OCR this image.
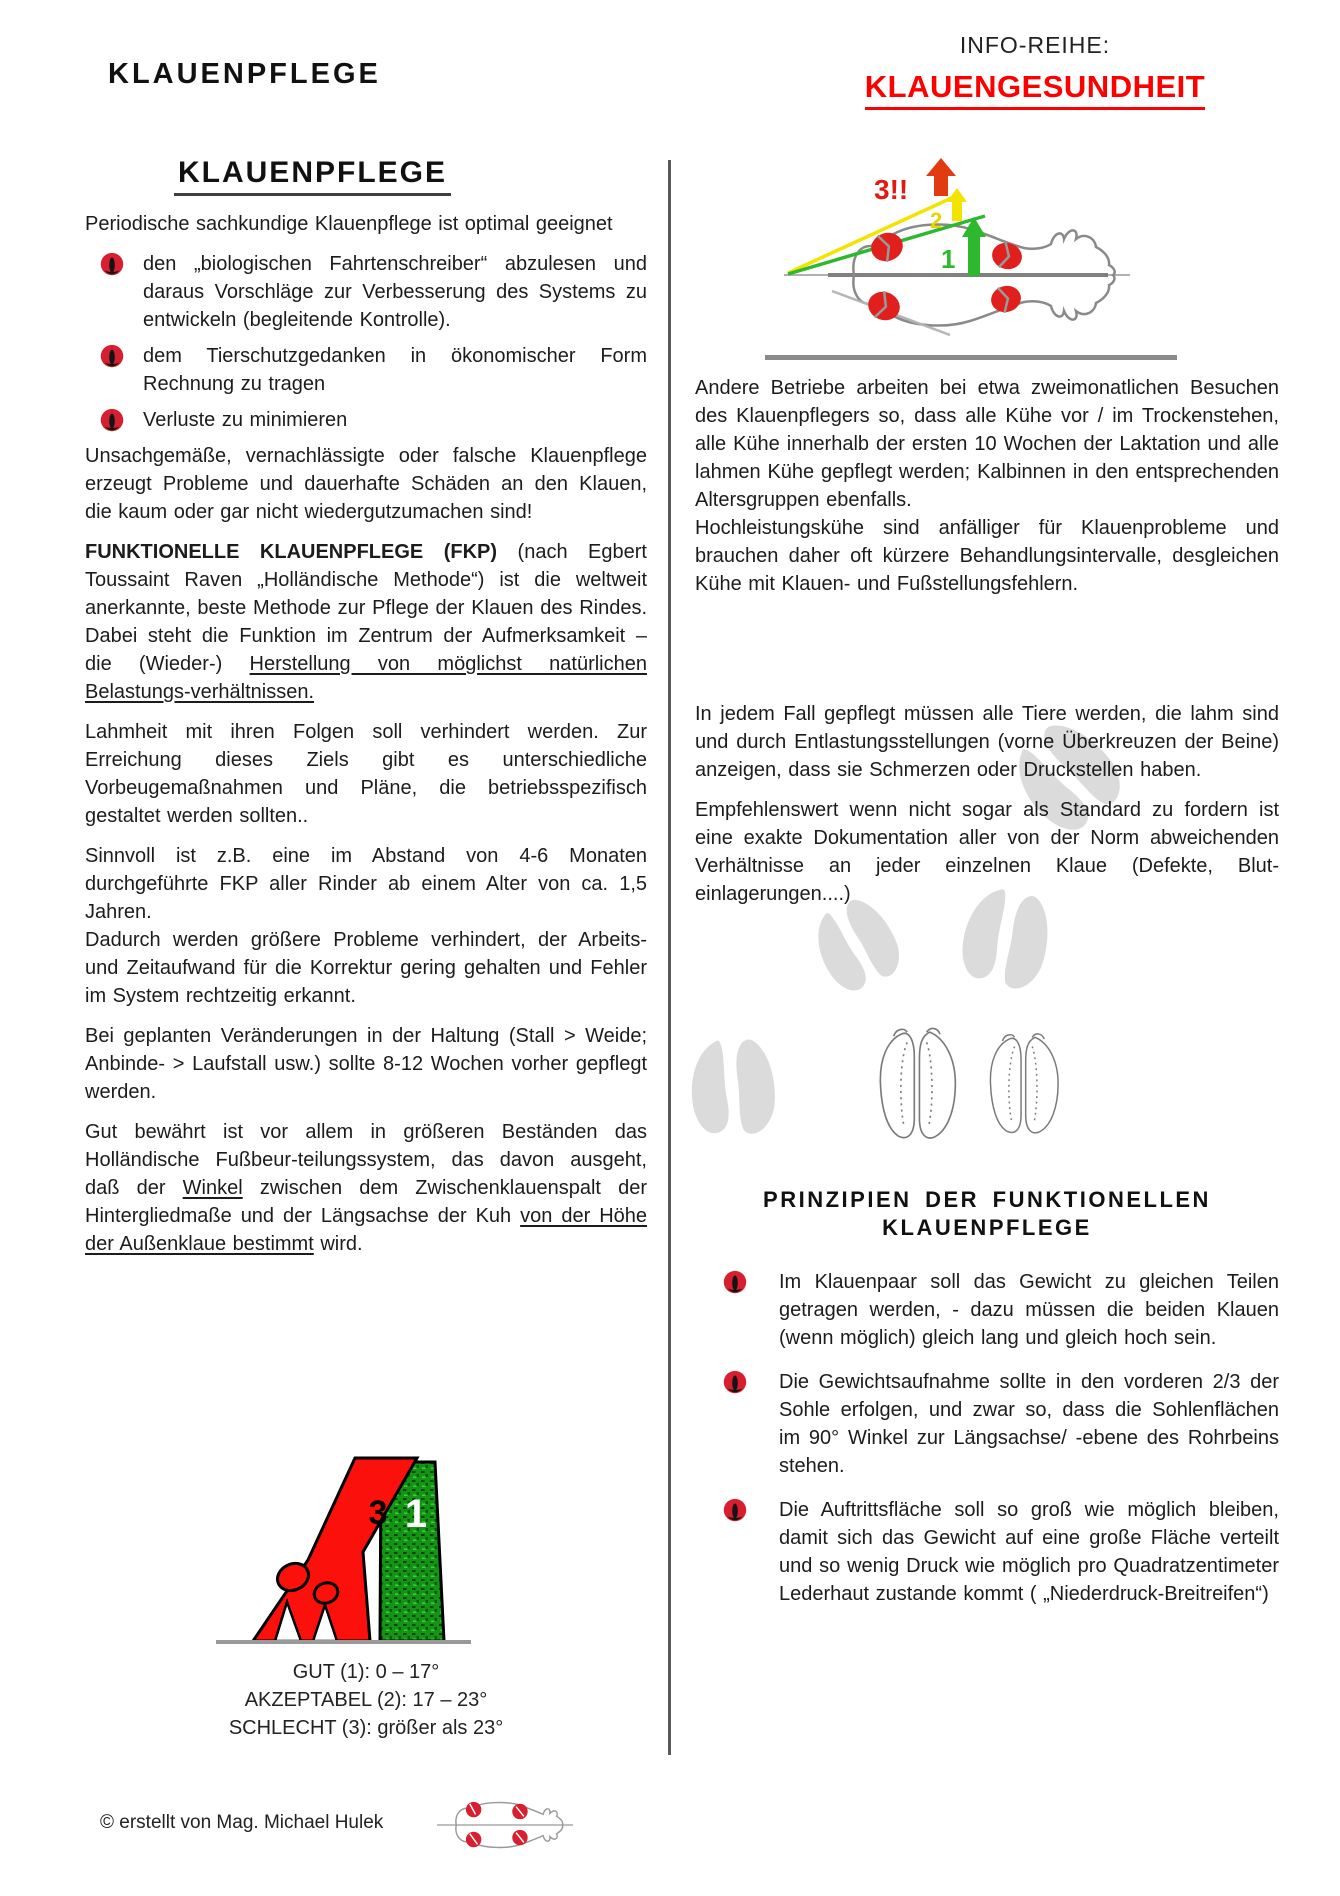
KLAUENPFLEGE
INFO-REIHE:
KLAUENGESUNDHEIT
KLAUENPFLEGE

Periodische sachkundige Klauenpflege ist optimal geeignet

den „biologischen Fahrtenschreiber“ abzulesen und daraus Vorschläge zur Verbesserung des Systems zu entwickeln (begleitende Kontrolle).
dem Tierschutzgedanken in ökonomischer Form Rechnung zu tragen
Verluste zu minimieren

Unsachgemäße, vernachlässigte oder falsche Klauenpflege erzeugt Probleme und dauerhafte Schäden an den Klauen, die kaum oder gar nicht wiedergutzumachen sind!

FUNKTIONELLE KLAUENPFLEGE (FKP) (nach Egbert Toussaint Raven „Holländische Methode“) ist die weltweit anerkannte, beste Methode zur Pflege der Klauen des Rindes. Dabei steht die Funktion im Zentrum der Aufmerksamkeit – die (Wieder-) Herstellung von möglichst natürlichen Belastungs-verhältnissen.

Lahmheit mit ihren Folgen soll verhindert werden. Zur Erreichung dieses Ziels gibt es unterschiedliche Vorbeugemaßnahmen und Pläne, die betriebsspezifisch gestaltet werden sollten..

Sinnvoll ist z.B. eine im Abstand von 4-6 Monaten durchgeführte FKP aller Rinder ab einem Alter von ca. 1,5 Jahren.

Dadurch werden größere Probleme verhindert, der Arbeits- und Zeitaufwand für die Korrektur gering gehalten und Fehler im System rechtzeitig erkannt.

Bei geplanten Veränderungen in der Haltung (Stall > Weide; Anbinde- > Laufstall usw.) sollte 8-12 Wochen vorher gepflegt werden.

Gut bewährt ist vor allem in größeren Beständen das Holländische Fußbeur-teilungssystem, das davon ausgeht, daß der Winkel zwischen dem Zwischenklauenspalt der Hintergliedmaße und der Längsachse der Kuh von der Höhe der Außenklaue bestimmt wird.

3 1
GUT (1): 0 – 17°
AKZEPTABEL (2): 17 – 23°
SCHLECHT (3): größer als 23°
3!!
2
1

Andere Betriebe arbeiten bei etwa zweimonatlichen Besuchen des Klauenpflegers so, dass alle Kühe vor / im Trockenstehen, alle Kühe innerhalb der ersten 10 Wochen der Laktation und alle lahmen Kühe gepflegt werden; Kalbinnen in den entsprechenden Altersgruppen ebenfalls.

Hochleistungskühe sind anfälliger für Klauenprobleme und brauchen daher oft kürzere Behandlungsintervalle, desgleichen Kühe mit Klauen- und Fußstellungsfehlern.

In jedem Fall gepflegt müssen alle Tiere werden, die lahm sind und durch Entlastungsstellungen (vorne Überkreuzen der Beine) anzeigen, dass sie Schmerzen oder Druckstellen haben.

Empfehlenswert wenn nicht sogar als Standard zu fordern ist eine exakte Dokumentation aller von der Norm abweichenden Verhältnisse an jeder einzelnen Klaue (Defekte, Blut-einlagerungen....)

PRINZIPIEN DER FUNKTIONELLEN KLAUENPFLEGE
Im Klauenpaar soll das Gewicht zu gleichen Teilen getragen werden, - dazu müssen die beiden Klauen (wenn möglich) gleich lang und gleich hoch sein.
Die Gewichtsaufnahme sollte in den vorderen 2/3 der Sohle erfolgen, und zwar so, dass die Sohlenflächen im 90° Winkel zur Längsachse/ -ebene des Rohrbeins stehen.
Die Auftrittsfläche soll so groß wie möglich bleiben, damit sich das Gewicht auf eine große Fläche verteilt und so wenig Druck wie möglich pro Quadratzentimeter Lederhaut zustande kommt ( „Niederdruck-Breitreifen“)
© erstellt von Mag. Michael Hulek
